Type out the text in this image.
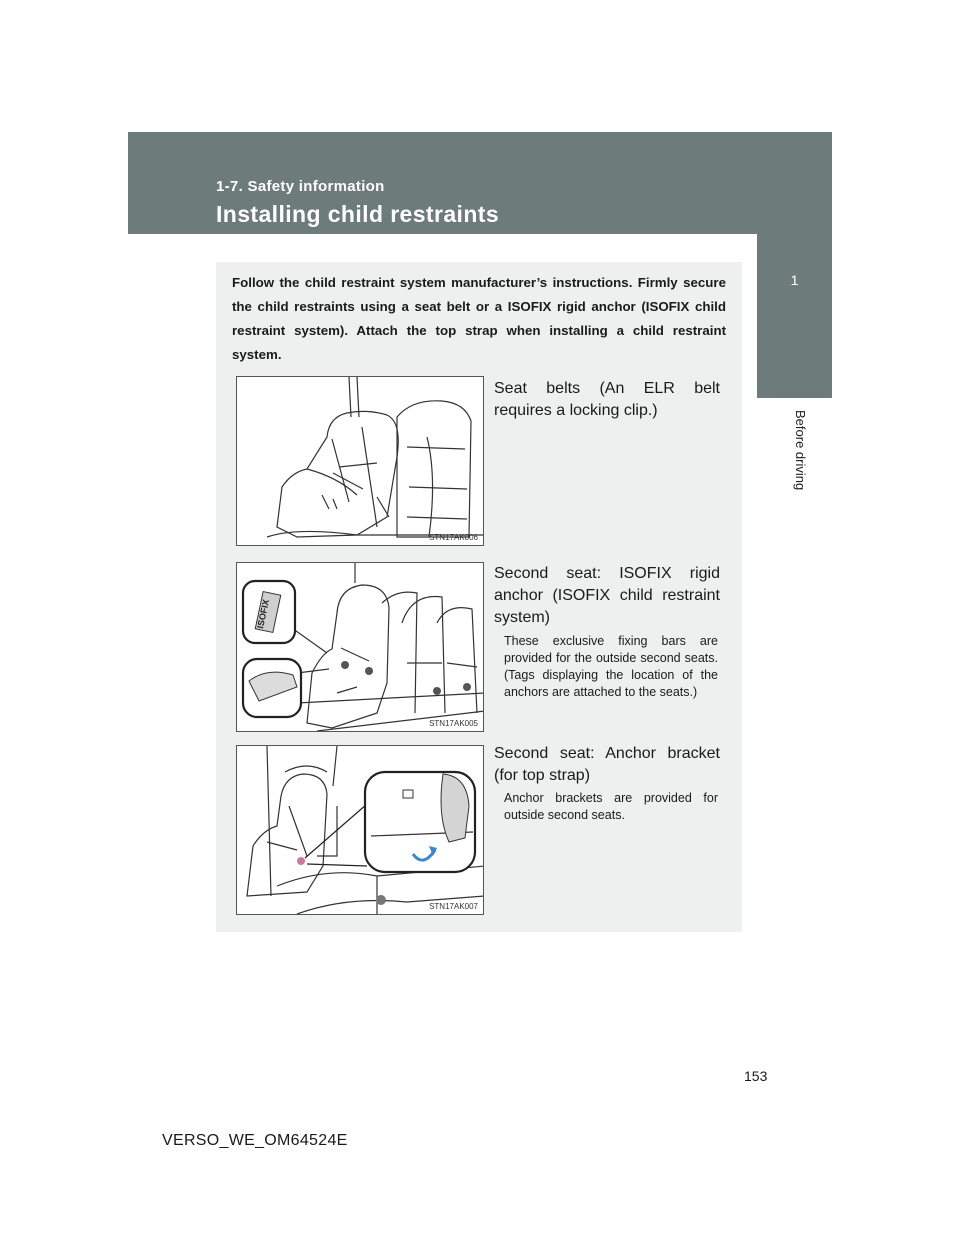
1-7. Safety information
Installing child restraints
1
Before driving
Follow the child restraint system manufacturer’s instructions. Firmly secure the child restraints using a seat belt or a ISOFIX rigid anchor (ISOFIX child restraint system). Attach the top strap when installing a child restraint system.
STN17AK006
Seat belts (An ELR belt requires a locking clip.)
ISOFIX
STN17AK005
Second seat: ISOFIX rigid anchor (ISOFIX child restraint system)
These exclusive fixing bars are provided for the outside second seats. (Tags displaying the location of the anchors are attached to the seats.)
STN17AK007
Second seat: Anchor bracket (for top strap)
Anchor brackets are provided for outside second seats.
153
VERSO_WE_OM64524E
